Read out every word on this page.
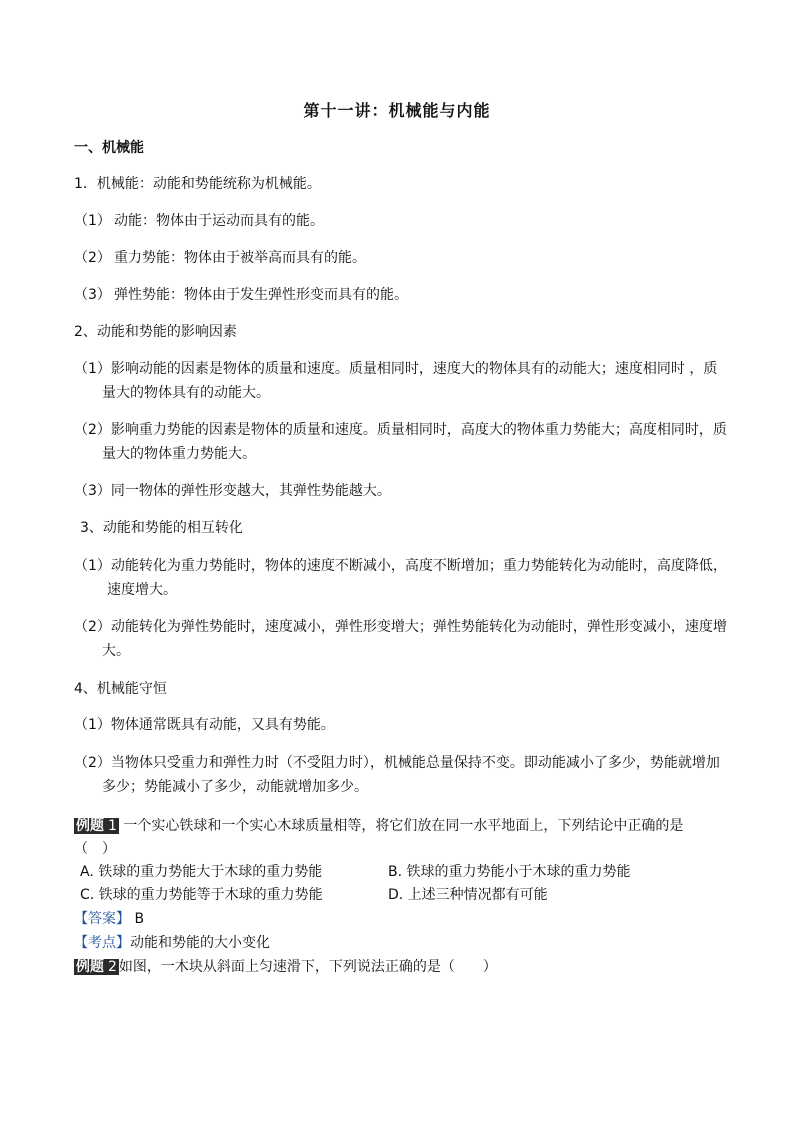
第十一讲：机械能与内能
一、机械能
1．机械能：动能和势能统称为机械能。
（1） 动能：物体由于运动而具有的能。
（2） 重力势能：物体由于被举高而具有的能。
（3） 弹性势能：物体由于发生弹性形变而具有的能。
2、动能和势能的影响因素
（1）影响动能的因素是物体的质量和速度。质量相同时，速度大的物体具有的动能大；速度相同时 ，质
量大的物体具有的动能大。
（2）影响重力势能的因素是物体的质量和速度。质量相同时，高度大的物体重力势能大；高度相同时，质
量大的物体重力势能大。
（3）同一物体的弹性形变越大，其弹性势能越大。
3、动能和势能的相互转化
（1）动能转化为重力势能时，物体的速度不断减小，高度不断增加；重力势能转化为动能时，高度降低，
速度增大。
（2）动能转化为弹性势能时，速度减小，弹性形变增大；弹性势能转化为动能时，弹性形变减小，速度增
大。
4、机械能守恒
（1）物体通常既具有动能，又具有势能。
（2）当物体只受重力和弹性力时（不受阻力时），机械能总量保持不变。即动能减小了多少，势能就增加
多少；势能减小了多少，动能就增加多少。
例题 1 一个实心铁球和一个实心木球质量相等，将它们放在同一水平地面上，下列结论中正确的是
（　）
A. 铁球的重力势能大于木球的重力势能	B. 铁球的重力势能小于木球的重力势能
C. 铁球的重力势能等于木球的重力势能	D. 上述三种情况都有可能
【答案】 B
【考点】动能和势能的大小变化
例题 2 如图，一木块从斜面上匀速滑下，下列说法正确的是（　　）
